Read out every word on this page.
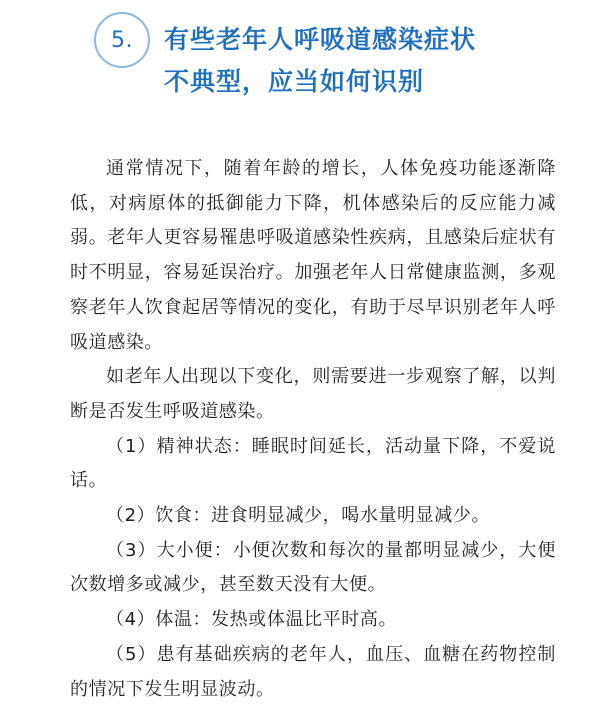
5. 有些老年人呼吸道感染症状
不典型，应当如何识别

通常情况下，随着年龄的增长，人体免疫功能逐渐降低，对病原体的抵御能力下降，机体感染后的反应能力减弱。老年人更容易罹患呼吸道感染性疾病，且感染后症状有时不明显，容易延误治疗。加强老年人日常健康监测，多观察老年人饮食起居等情况的变化，有助于尽早识别老年人呼吸道感染。

如老年人出现以下变化，则需要进一步观察了解，以判断是否发生呼吸道感染。

（1）精神状态：睡眠时间延长，活动量下降，不爱说话。

（2）饮食：进食明显减少，喝水量明显减少。

（3）大小便：小便次数和每次的量都明显减少，大便次数增多或减少，甚至数天没有大便。

（4）体温：发热或体温比平时高。

（5）患有基础疾病的老年人，血压、血糖在药物控制的情况下发生明显波动。
